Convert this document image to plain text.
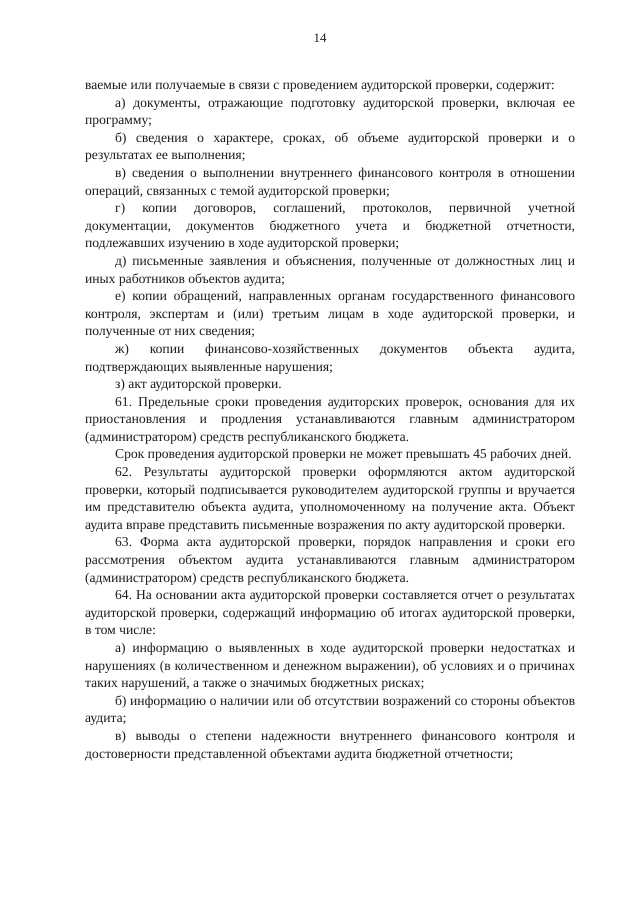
14

ваемые или получаемые в связи с проведением аудиторской проверки, содержит:

а) документы, отражающие подготовку аудиторской проверки, включая ее программу;

б) сведения о характере, сроках, об объеме аудиторской проверки и о результатах ее выполнения;

в) сведения о выполнении внутреннего финансового контроля в отношении операций, связанных с темой аудиторской проверки;

г) копии договоров, соглашений, протоколов, первичной учетной документации, документов бюджетного учета и бюджетной отчетности, подлежавших изучению в ходе аудиторской проверки;

д) письменные заявления и объяснения, полученные от должностных лиц и иных работников объектов аудита;

е) копии обращений, направленных органам государственного финансового контроля, экспертам и (или) третьим лицам в ходе аудиторской проверки, и полученные от них сведения;

ж) копии финансово-хозяйственных документов объекта аудита, подтверждающих выявленные нарушения;

з) акт аудиторской проверки.

61. Предельные сроки проведения аудиторских проверок, основания для их приостановления и продления устанавливаются главным администратором (администратором) средств республиканского бюджета.

Срок проведения аудиторской проверки не может превышать 45 рабочих дней.

62. Результаты аудиторской проверки оформляются актом аудиторской проверки, который подписывается руководителем аудиторской группы и вручается им представителю объекта аудита, уполномоченному на получение акта. Объект аудита вправе представить письменные возражения по акту аудиторской проверки.

63. Форма акта аудиторской проверки, порядок направления и сроки его рассмотрения объектом аудита устанавливаются главным администратором (администратором) средств республиканского бюджета.

64. На основании акта аудиторской проверки составляется отчет о результатах аудиторской проверки, содержащий информацию об итогах аудиторской проверки, в том числе:

а) информацию о выявленных в ходе аудиторской проверки недостатках и нарушениях (в количественном и денежном выражении), об условиях и о причинах таких нарушений, а также о значимых бюджетных рисках;

б) информацию о наличии или об отсутствии возражений со стороны объектов аудита;

в) выводы о степени надежности внутреннего финансового контроля и достоверности представленной объектами аудита бюджетной отчетности;
